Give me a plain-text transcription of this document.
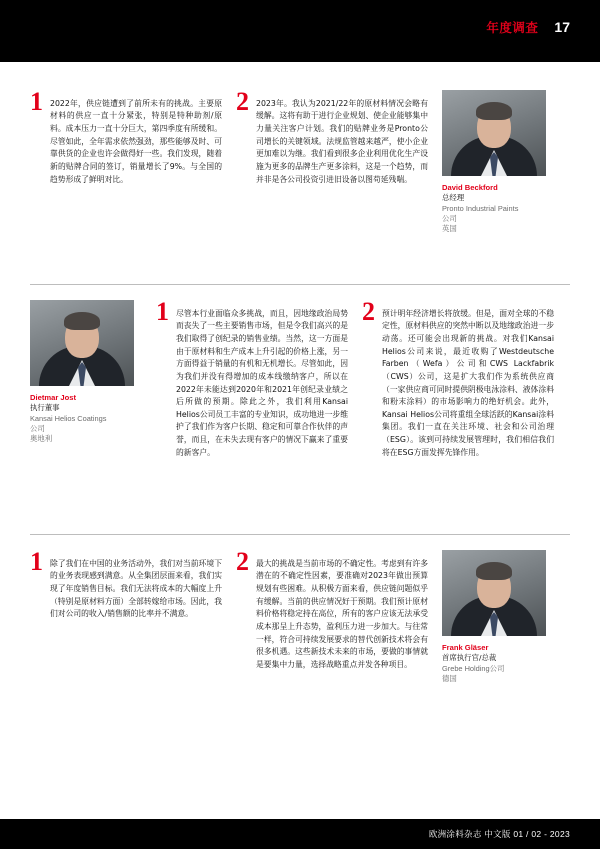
年度调查 17
1 2022年，供应链遭到了前所未有的挑战。主要原材料的供应一直十分紧张，特别是特种助剂/原料。成本压力一直十分巨大，第四季度有所缓和。尽管如此，全年需求依然强劲，那些能够及时、可靠供货的企业也许会做得好一些。我们发现，随着新的贴牌合同的签订，销量增长了9%。与全国的趋势形成了鲜明对比。

2 2023年。我认为2021/22年的原材料情况会略有缓解。这将有助于进行企业规划、使企业能够集中力量关注客户计划。我们的贴牌业务是Pronto公司增长的关键领域。法规监管越来越严，使小企业更加难以为继。我们看到很多企业利用优化生产设施为更多的品牌生产更多涂料，这是一个趋势，而并非是各公司投资引进旧设备以图苟延残喘。

David Beckford
总经理
Pronto Industrial Paints
公司
英国
Dietmar Jost
执行董事
Kansai Helios Coatings
公司
奥地利
1 尽管本行业面临众多挑战，而且，因地缘政治局势而丧失了一些主要销售市场，但是令我们高兴的是我们取得了创纪录的销售业绩。当然，这一方面是由于原材料和生产成本上升引起的价格上涨，另一方面得益于销量的有机和无机增长。尽管如此，因为我们并没有得增加的成本线缴纳客户，所以在2022年未能达到2020年和2021年创纪录业绩之后所做的预期。除此之外，我们利用Kansai Helios公司员工丰富的专业知识，成功地进一步维护了我们作为客户长期、稳定和可靠合作伙伴的声誉，而且，在未失去现有客户的情况下赢来了重要的新客户。

2 预计明年经济增长将放缓。但是，面对全球的不稳定性，原材料供应的突然中断以及地缘政治进一步动荡。还可能会出现新的挑战。对我们Kansai Helios公司来说，最近收购了Westdeutsche Farben（Wefa）公司和CWS Lackfabrik（CWS）公司，这是扩大我们作为系统供应商（一家供应商可同时提供阴极电泳涂料、液体涂料和粉末涂料）的市场影响力的绝好机会。此外，Kansai Helios公司将重组全球活跃的Kansai涂料集团。我们一直在关注环境、社会和公司治理（ESG）。该到可持续发展管理时，我们相信我们将在ESG方面发挥先锋作用。

1 除了我们在中国的业务活动外，我们对当前环境下的业务表现感到满意。从全集团层面来看，我们实现了年度销售目标。我们无法将成本的大幅度上升（特别是原材料方面）全部转嫁给市场。因此，我们对公司的收入/销售额的比率并不满意。

2 最大的挑战是当前市场的不确定性。考虑到有许多潜在的不确定性因素，要准确对2023年做出预算规划有些困难。从积极方面来看，供应链问题似乎有缓解。当前的供应情况好于预期。我们预计原材料价格将稳定持在高位，所有的客户应该无法承受成本那呈上升态势，盈利压力进一步加大。与往常一样，符合可持续发展要求的替代创新技术将会有很多机遇。这些新技术未来的市场，要做的事情就是要集中力量，选择战略重点并发各种项目。

Frank Gläser
首席执行官/总裁
Grebe Holding公司
德国
欧洲涂料杂志 中文版 01 / 02 - 2023
